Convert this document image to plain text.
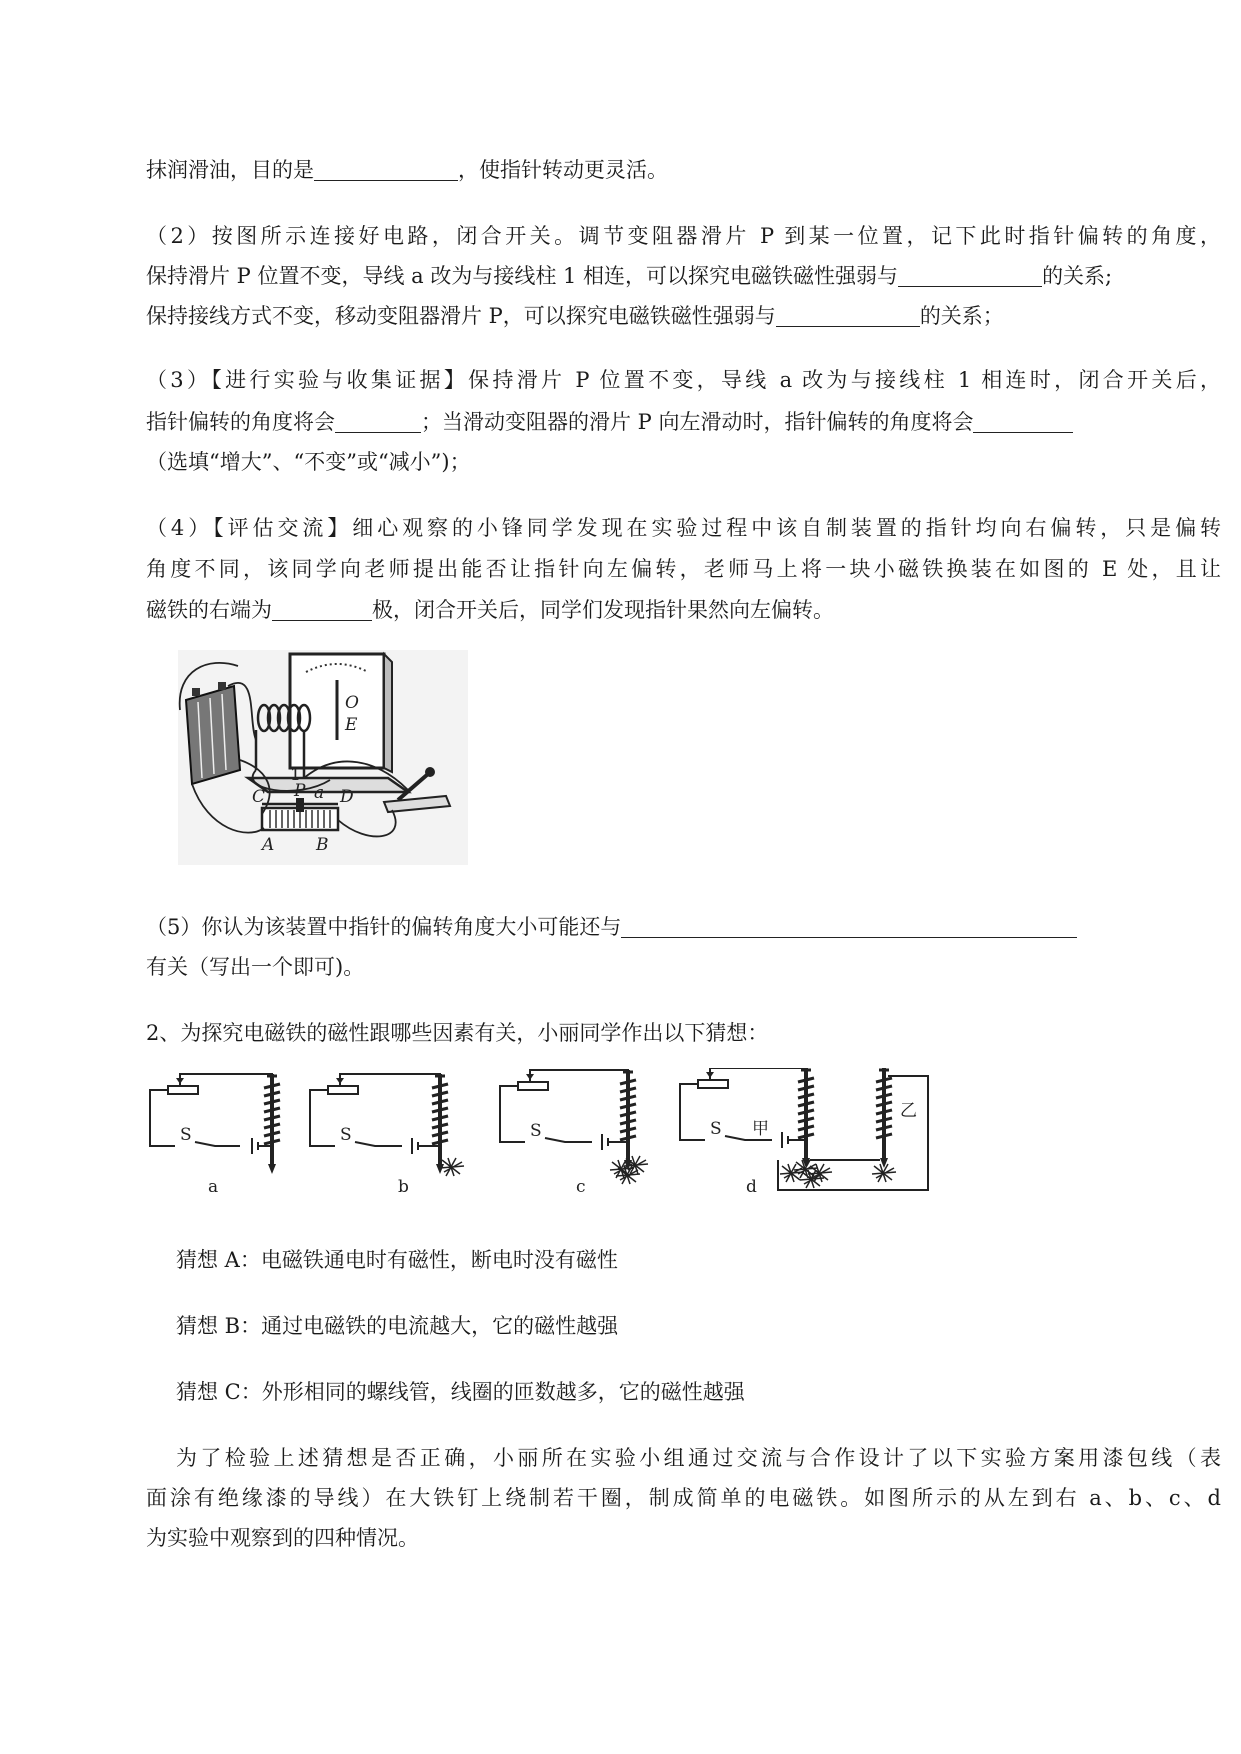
抹润滑油，目的是	，使指针转动更灵活。
（2）按图所示连接好电路，闭合开关。调节变阻器滑片 P 到某一位置，记下此时指针偏转的角度，
保持滑片 P 位置不变，导线 a 改为与接线柱 1 相连，可以探究电磁铁磁性强弱与	的关系;
保持接线方式不变，移动变阻器滑片 P，可以探究电磁铁磁性强弱与	的关系；
（3）【进行实验与收集证据】保持滑片 P 位置不变，导线 a 改为与接线柱 1 相连时，闭合开关后，
指针偏转的角度将会	；当滑动变阻器的滑片 P 向左滑动时，指针偏转的角度将会
（选填“增大”、“不变”或“减小”)；
（4）【评估交流】细心观察的小锋同学发现在实验过程中该自制装置的指针均向右偏转，只是偏转
角度不同，该同学向老师提出能否让指针向左偏转，老师马上将一块小磁铁换装在如图的 E 处，且让
磁铁的右端为	极，闭合开关后，同学们发现指针果然向左偏转。
O
E
1
a
C P D
A B
（5）你认为该装置中指针的偏转角度大小可能还与
有关（写出一个即可)。
2、为探究电磁铁的磁性跟哪些因素有关，小丽同学作出以下猜想：
S
a
S
b
S
c
S 甲
乙
d
猜想 A：电磁铁通电时有磁性，断电时没有磁性
猜想 B：通过电磁铁的电流越大，它的磁性越强
猜想 C：外形相同的螺线管，线圈的匝数越多，它的磁性越强
为了检验上述猜想是否正确，小丽所在实验小组通过交流与合作设计了以下实验方案用漆包线（表
面涂有绝缘漆的导线）在大铁钉上绕制若干圈，制成简单的电磁铁。如图所示的从左到右 a、b、c、d
为实验中观察到的四种情况。
